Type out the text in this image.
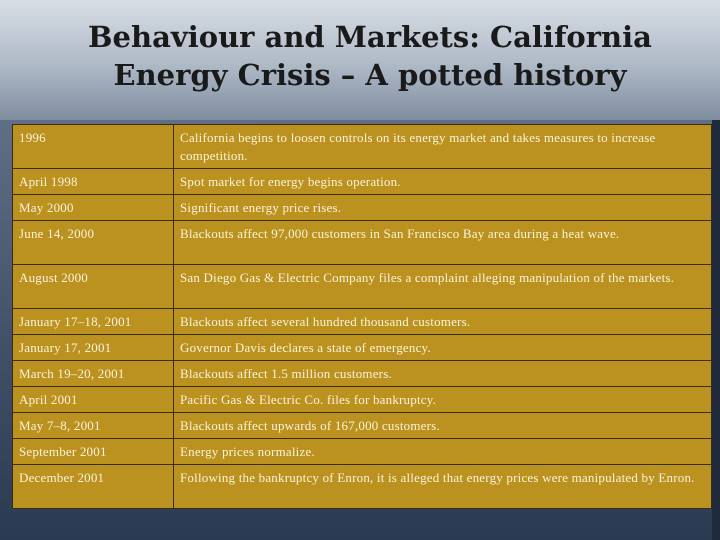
Behaviour and Markets: California
Energy Crisis – A potted history
1996	California begins to loosen controls on its energy market and takes measures to increase competition.
April 1998	Spot market for energy begins operation.
May 2000	Significant energy price rises.
June 14, 2000	Blackouts affect 97,000 customers in San Francisco Bay area during a heat wave.
August 2000	San Diego Gas & Electric Company files a complaint alleging manipulation of the markets.
January 17–18, 2001	Blackouts affect several hundred thousand customers.
January 17, 2001	Governor Davis declares a state of emergency.
March 19–20, 2001	Blackouts affect 1.5 million customers.
April 2001	Pacific Gas & Electric Co. files for bankruptcy.
May 7–8, 2001	Blackouts affect upwards of 167,000 customers.
September 2001	Energy prices normalize.
December 2001	Following the bankruptcy of Enron, it is alleged that energy prices were manipulated by Enron.
